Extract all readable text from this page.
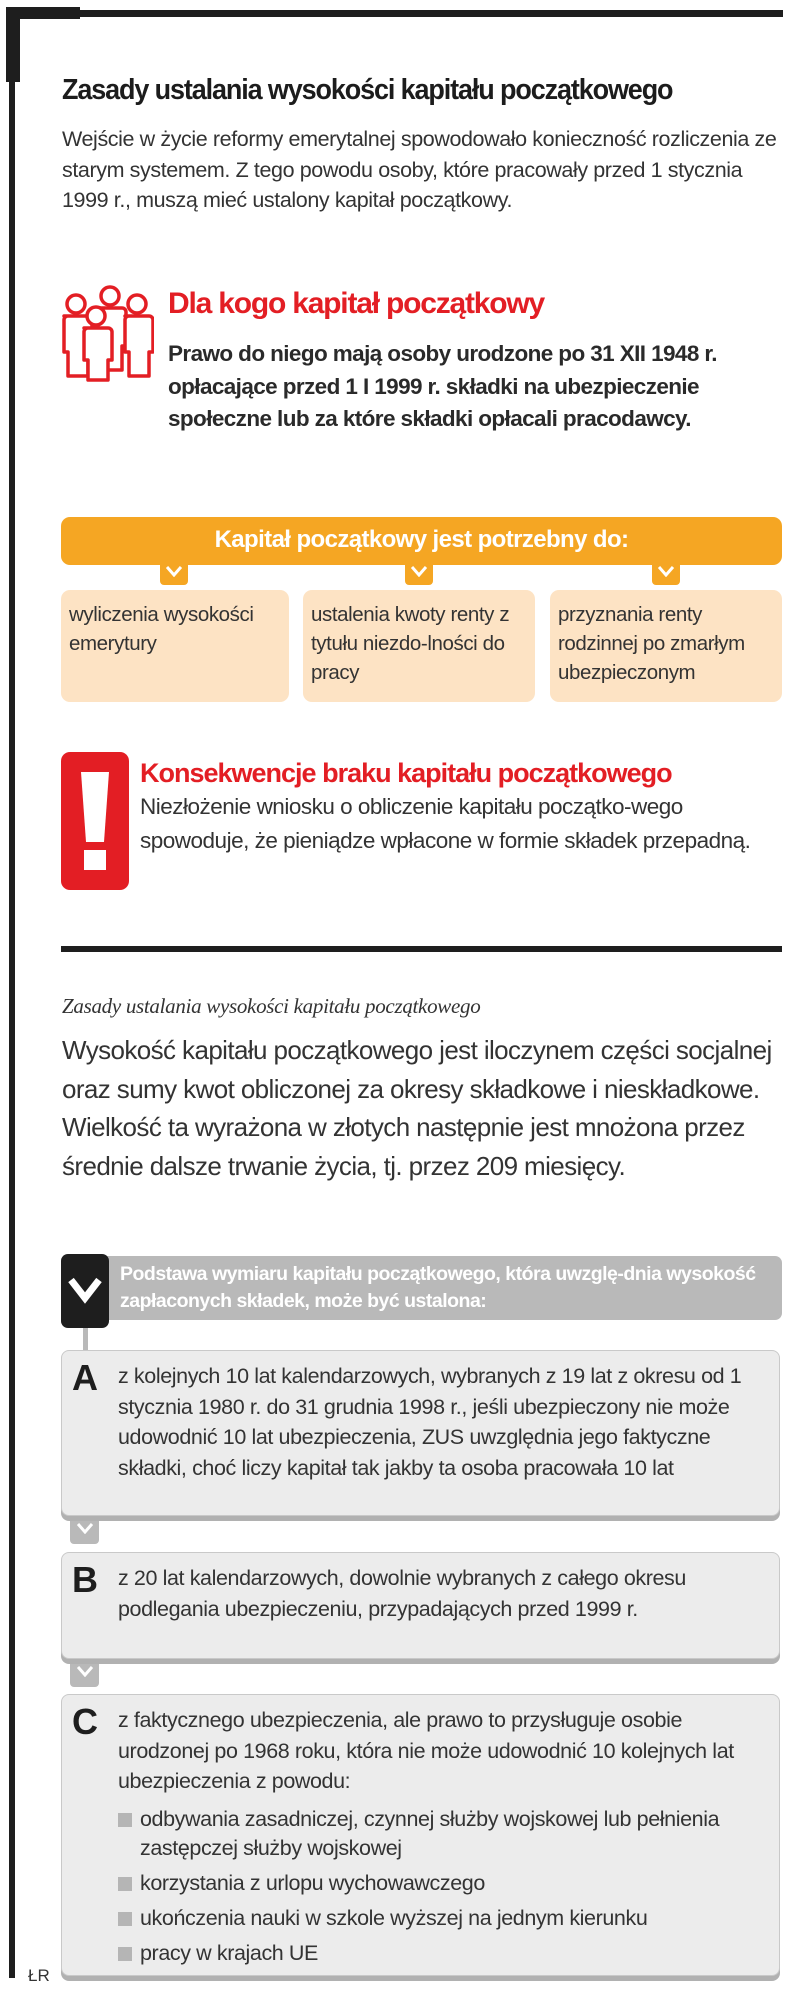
Zasady ustalania wysokości kapitału początkowego

Wejście w życie reformy emerytalnej spowodowało konieczność rozliczenia ze starym systemem. Z tego powodu osoby, które pracowały przed 1 stycznia 1999 r., muszą mieć ustalony kapitał początkowy.

Dla kogo kapitał początkowy

Prawo do niego mają osoby urodzone po 31 XII 1948 r. opłacające przed 1 I 1999 r. składki na ubezpieczenie społeczne lub za które składki opłacali pracodawcy.

Kapitał początkowy jest potrzebny do:
wyliczenia wysokości emerytury
ustalenia kwoty renty z tytułu niezdo-lności do pracy
przyznania renty rodzinnej po zmarłym ubezpieczonym
Konsekwencje braku kapitału początkowego

Niezłożenie wniosku o obliczenie kapitału początko-wego spowoduje, że pieniądze wpłacone w formie składek przepadną.

Zasady ustalania wysokości kapitału początkowego

Wysokość kapitału początkowego jest iloczynem części socjalnej oraz sumy kwot obliczonej za okresy składkowe i nieskładkowe. Wielkość ta wyrażona w złotych następnie jest mnożona przez średnie dalsze trwanie życia, tj. przez 209 miesięcy.

Podstawa wymiaru kapitału początkowego, która uwzglę-dnia wysokość zapłaconych składek, może być ustalona:
A z kolejnych 10 lat kalendarzowych, wybranych z 19 lat z okresu od 1 stycznia 1980 r. do 31 grudnia 1998 r., jeśli ubezpieczony nie może udowodnić 10 lat ubezpieczenia, ZUS uwzględnia jego faktyczne składki, choć liczy kapitał tak jakby ta osoba pracowała 10 lat
B z 20 lat kalendarzowych, dowolnie wybranych z całego okresu podlegania ubezpieczeniu, przypadających przed 1999 r.
C z faktycznego ubezpieczenia, ale prawo to przysługuje osobie urodzonej po 1968 roku, która nie może udowodnić 10 kolejnych lat ubezpieczenia z powodu:
odbywania zasadniczej, czynnej służby wojskowej lub pełnienia zastępczej służby wojskowej
korzystania z urlopu wychowawczego
ukończenia nauki w szkole wyższej na jednym kierunku
pracy w krajach UE
ŁR
